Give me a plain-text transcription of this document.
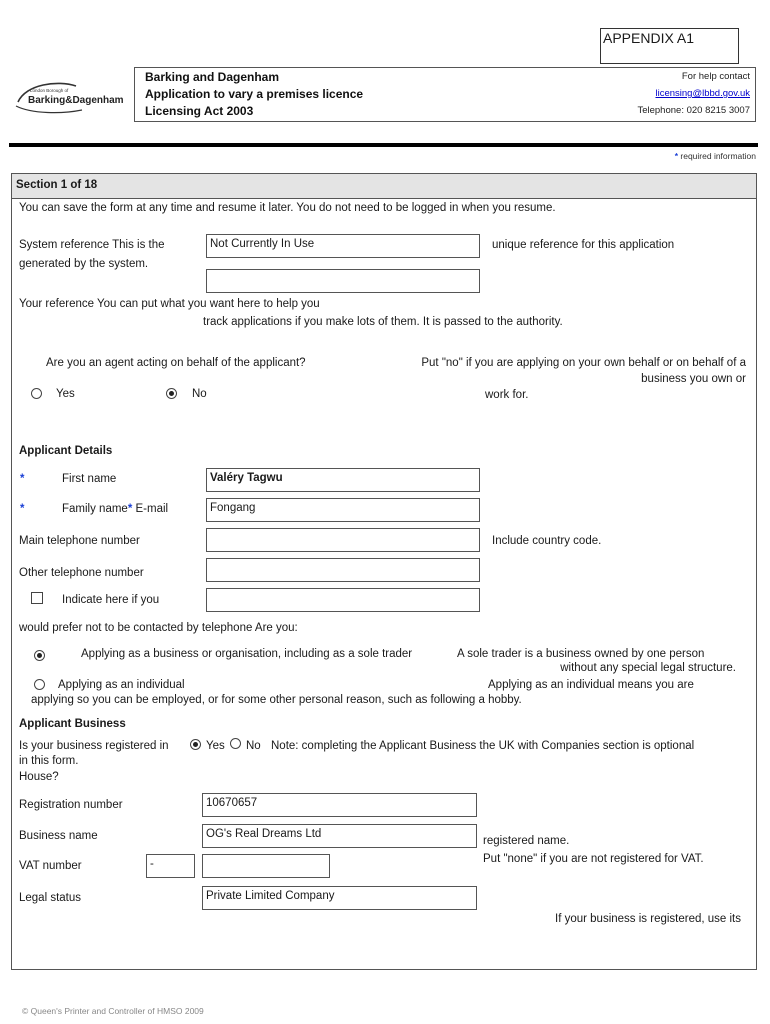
APPENDIX A1
London Borough of
Barking&Dagenham
Barking and Dagenham
Application to vary a premises licence
Licensing Act 2003
For help contact
licensing@lbbd.gov.uk
Telephone: 020 8215 3007
* required information
Section 1 of 18
You can save the form at any time and resume it later. You do not need to be logged in when you resume.
System reference This is the
generated by the system.
Not Currently In Use	unique reference for this application
Your reference You can put what you want here to help you
track applications if you make lots of them. It is passed to the authority.
Are you an agent acting on behalf of the applicant?	Put "no" if you are applying on your own behalf or on behalf of a
business you own or
work for.
Yes	No
Applicant Details
*	First name	Valéry Tagwu
*	Family name* E-mail	Fongang
Main telephone number	Include country code.
Other telephone number
Indicate here if you
would prefer not to be contacted by telephone Are you:
Applying as a business or organisation, including as a sole trader	A sole trader is a business owned by one person
without any special legal structure.
Applying as an individual	Applying as an individual means you are
applying so you can be employed, or for some other personal reason, such as following a hobby.
Applicant Business
Is your business registered in	Yes No Note: completing the Applicant Business the UK with Companies section is optional
in this form.
House?
Registration number	10670657
Business name	OG's Real Dreams Ltd
registered name.
VAT number	-	Put "none" if you are not registered for VAT.
Legal status	Private Limited Company
If your business is registered, use its
© Queen's Printer and Controller of HMSO 2009
